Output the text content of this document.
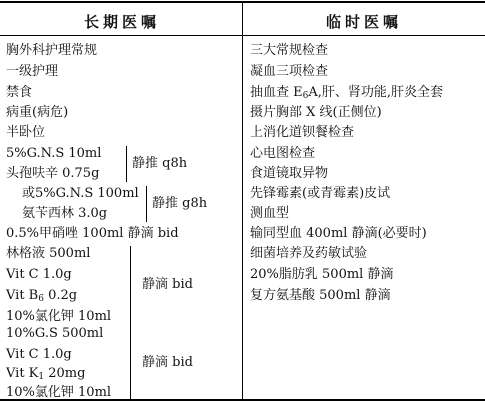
长期医嘱	临时医嘱
胸外科护理常规
一级护理
禁食
病重(病危)
半卧位
5%G.N.S 10ml
头孢呋辛 0.75g
静推 q8h
或5%G.N.S 100ml
氨苄西林 3.0g
静推 g8h
0.5%甲硝唑 100ml 静滴 bid
林格液 500ml
Vit C 1.0g
Vit $B_6$ 0.2g
10%氯化钾 10ml
静滴 bid
10%G.S 500ml
Vit C 1.0g
Vit $K_1$ 20mg
10%氯化钾 10ml
静滴 bid
三大常规检查
凝血三项检查
抽血查 $E_6A$,肝、肾功能,肝炎全套
摄片胸部 X 线(正侧位)
上消化道钡餐检查
心电图检查
食道镜取异物
先锋霉素(或青霉素)皮试
测血型
输同型血 400ml 静滴(必要时)
细菌培养及药敏试验
20%脂肪乳 500ml 静滴
复方氨基酸 500ml 静滴
